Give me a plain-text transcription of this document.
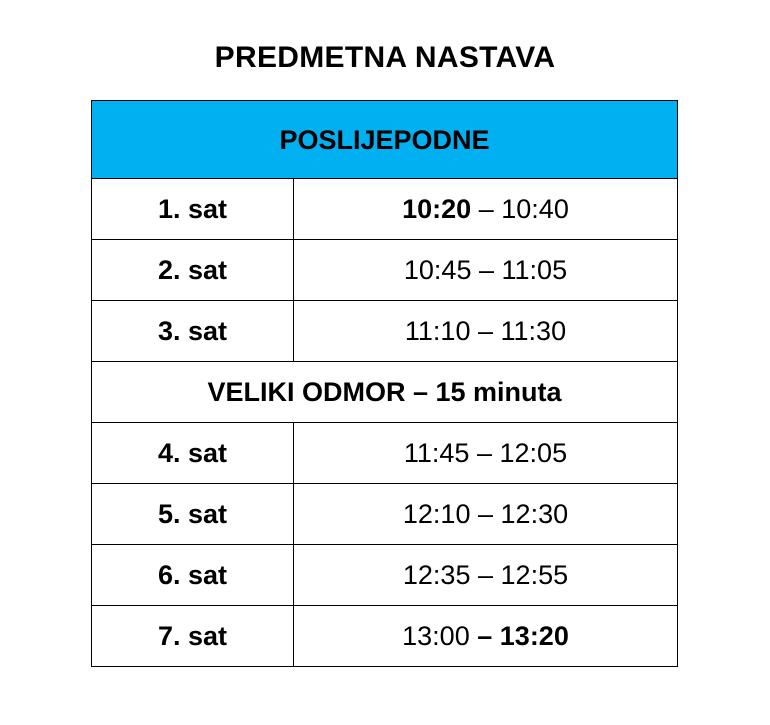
PREDMETNA NASTAVA
POSLIJEPODNE	
1. sat	10:20 – 10:40
2. sat	10:45 – 11:05
3. sat	11:10 – 11:30
VELIKI ODMOR – 15 minuta	
4. sat	11:45 – 12:05
5. sat	12:10 – 12:30
6. sat	12:35 – 12:55
7. sat	13:00 – 13:20
